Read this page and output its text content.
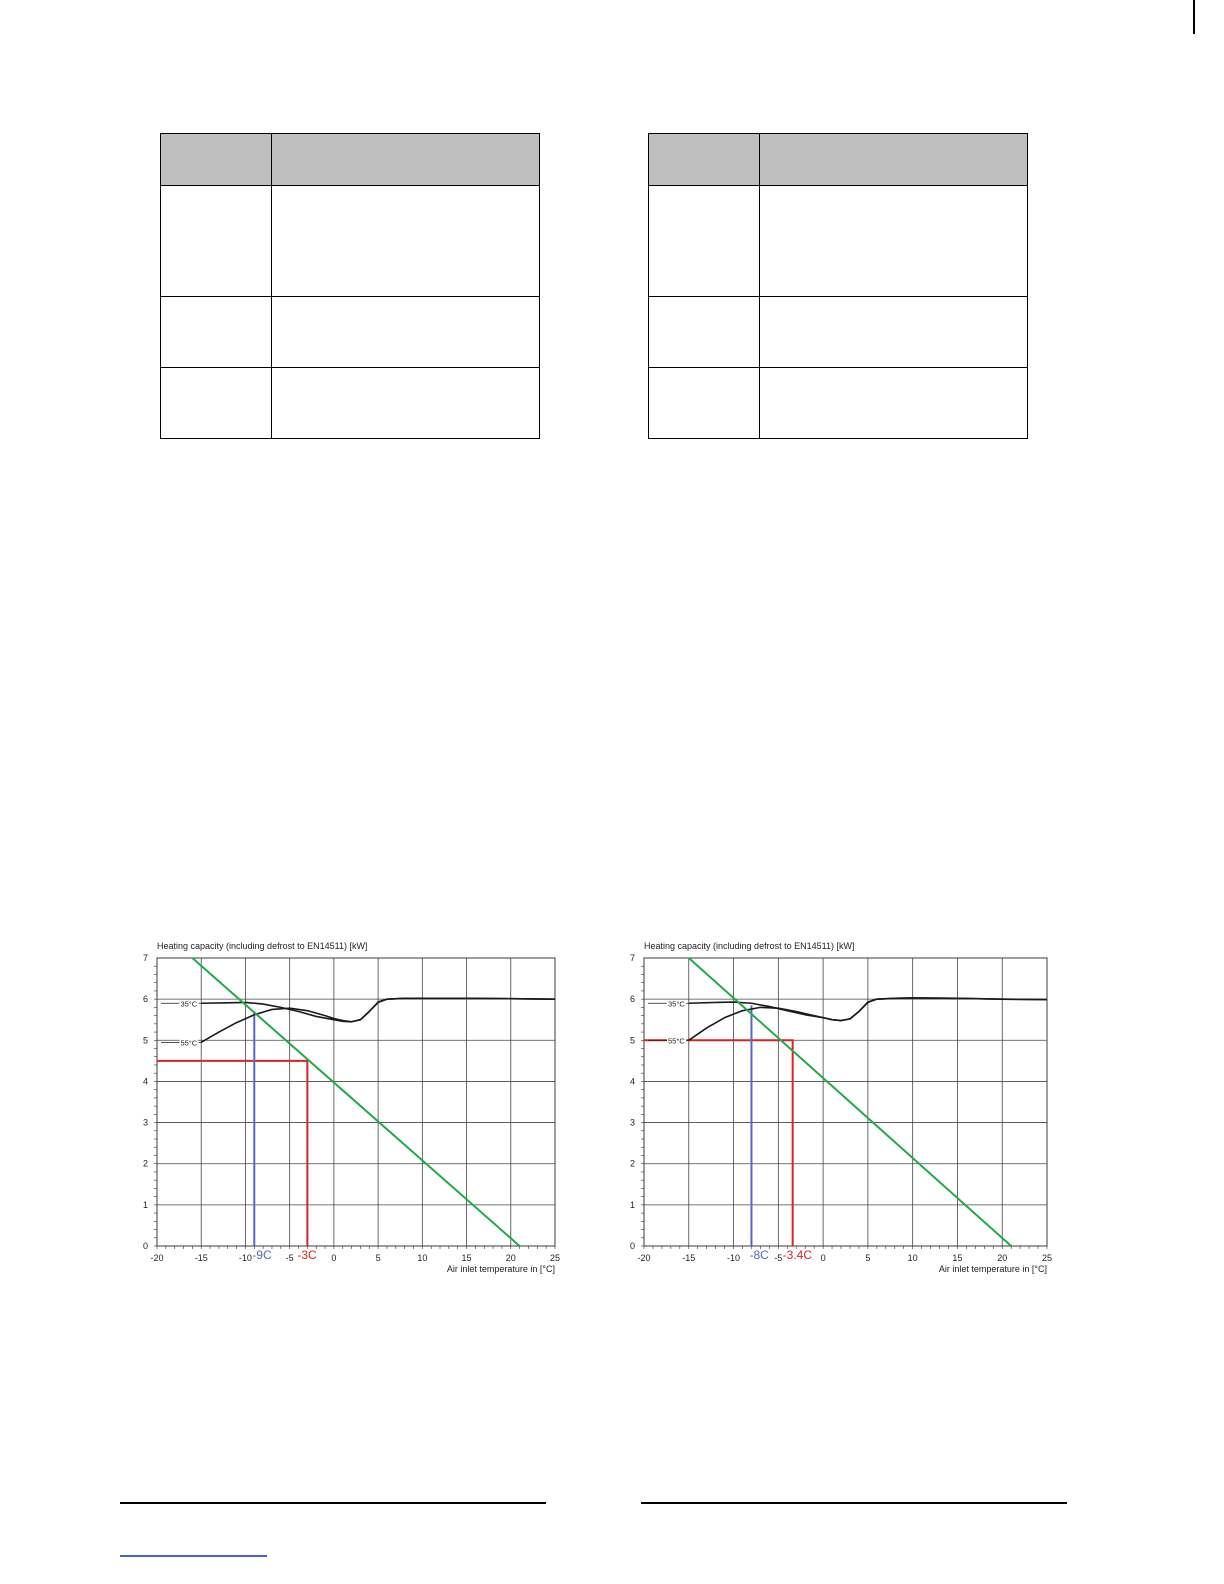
-20	-15	-10	-5	0	5	10	15	20	25
0
1
2
3
4
5
6
7
Heating capacity (including defrost to EN14511) [kW]
Air inlet temperature in [°C]
-3C
-9C
35°C
55°C
-20	-15	-10	-5	0	5	10	15	20	25
0
1
2
3
4
5
6
7
Heating capacity (including defrost to EN14511) [kW]
Air inlet temperature in [°C]
-3.4C
-8C
35°C
55°C
